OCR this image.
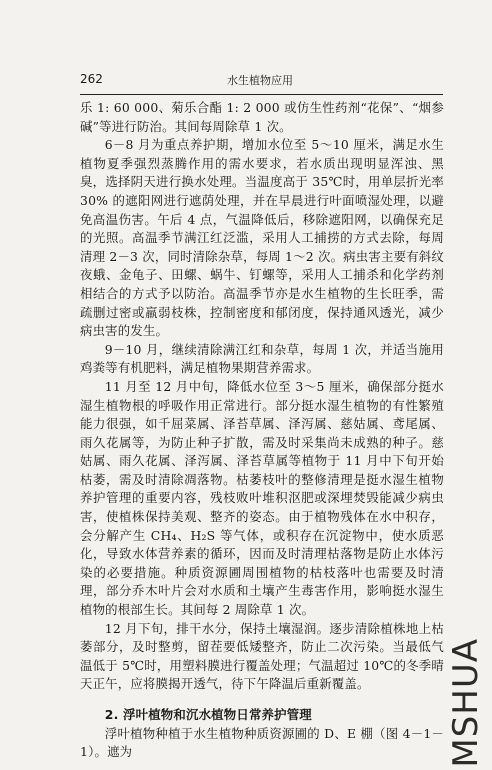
262	水生植物应用

乐 1: 60 000、菊乐合酯 1: 2 000 或仿生性药剂“花保”、“烟参碱”等进行防治。其间每周除草 1 次。

6－8 月为重点养护期，增加水位至 5～10 厘米，满足水生植物夏季强烈蒸腾作用的需水要求，若水质出现明显浑浊、黑臭，选择阴天进行换水处理。当温度高于 35℃时，用单层折光率 30% 的遮阳网进行遮荫处理，并在早晨进行叶面喷湿处理，以避免高温伤害。午后 4 点，气温降低后，移除遮阳网，以确保充足的光照。高温季节满江红泛滥，采用人工捕捞的方式去除，每周清理 2－3 次，同时清除杂草，每周 1～2 次。病虫害主要有斜纹夜蛾、金龟子、田螺、蜗牛、钉螺等，采用人工捕杀和化学药剂相结合的方式予以防治。高温季节亦是水生植物的生长旺季，需疏删过密或羸弱枝株，控制密度和郁闭度，保持通风透光，减少病虫害的发生。

9－10 月，继续清除满江红和杂草，每周 1 次，并适当施用鸡粪等有机肥料，满足植物果期营养需求。

11 月至 12 月中旬，降低水位至 3～5 厘米，确保部分挺水湿生植物根的呼吸作用正常进行。部分挺水湿生植物的有性繁殖能力很强，如千屈菜属、泽苔草属、泽泻属、慈姑属、鸢尾属、雨久花属等，为防止种子扩散，需及时采集尚未成熟的种子。慈姑属、雨久花属、泽泻属、泽苔草属等植物于 11 月中下旬开始枯萎，需及时清除凋落物。枯萎枝叶的整修清理是挺水湿生植物养护管理的重要内容，残枝败叶堆积沤肥或深埋焚毁能减少病虫害，使植株保持美观、整齐的姿态。由于植物残体在水中积存，会分解产生 CH₄、H₂S 等气体，或积存在沉淀物中，使水质恶化，导致水体营养素的循环，因而及时清理枯落物是防止水体污染的必要措施。种质资源圃周围植物的枯枝落叶也需要及时清理，部分乔木叶片会对水质和土壤产生毒害作用，影响挺水湿生植物的根部生长。其间每 2 周除草 1 次。

12 月下旬，排干水分，保持土壤湿润。逐步清除植株地上枯萎部分，及时整剪，留茬要低矮整齐，防止二次污染。当最低气温低于 5℃时，用塑料膜进行覆盖处理；气温超过 10℃的冬季晴天正午，应将膜揭开透气，待下午降温后重新覆盖。

2. 浮叶植物和沉水植物日常养护管理

浮叶植物种植于水生植物种质资源圃的 D、E 棚（图 4－1－1）。遮为	MSHUA
